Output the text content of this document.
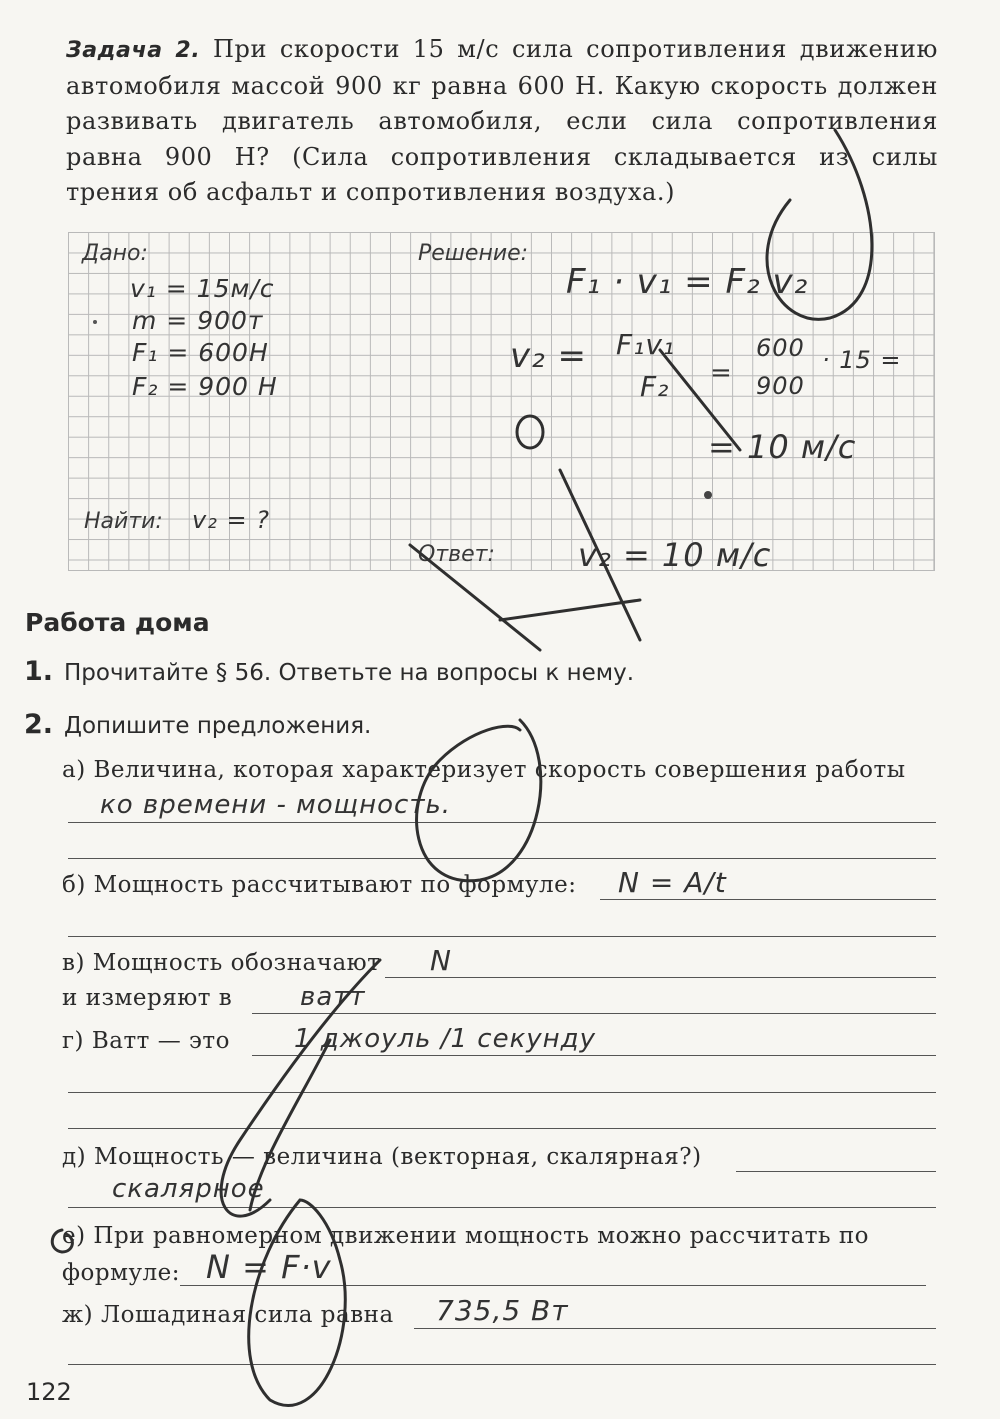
Задача 2. При скорости 15 м/с сила сопротивления движению автомобиля массой 900 кг равна 600 Н. Какую скорость должен развивать двигатель автомобиля, если сила сопротивления равна 900 Н? (Сила сопротивления складывается из силы трения об асфальт и сопротивления воздуха.)
Дано:	Решение:
Найти:
Ответ:
v₁ = 15м/с
m = 900т
F₁ = 600Н
F₂ = 900 Н
v₂ = ?
F₁ · v₁ = F₂ v₂
v₂ = F₁v₁
F₂ =
600
900
· 15 =
= 10 м/с
v₂ = 10 м/с
Работа дома
1. Прочитайте § 56. Ответьте на вопросы к нему.
2. Допишите предложения.
а) Величина, которая характеризует скорость совершения работы
ко времени - мощность.
б) Мощность рассчитывают по формуле: N = A/t
в) Мощность обозначают N
и измеряют в	ватт
г) Ватт — это 1 джоуль /1 секунду
д) Мощность — величина (векторная, скалярная?)
скалярное
е) При равномерном движении мощность можно рассчитать по
формуле: N = F·v
ж) Лошадиная сила равна 735,5 Вт
122
